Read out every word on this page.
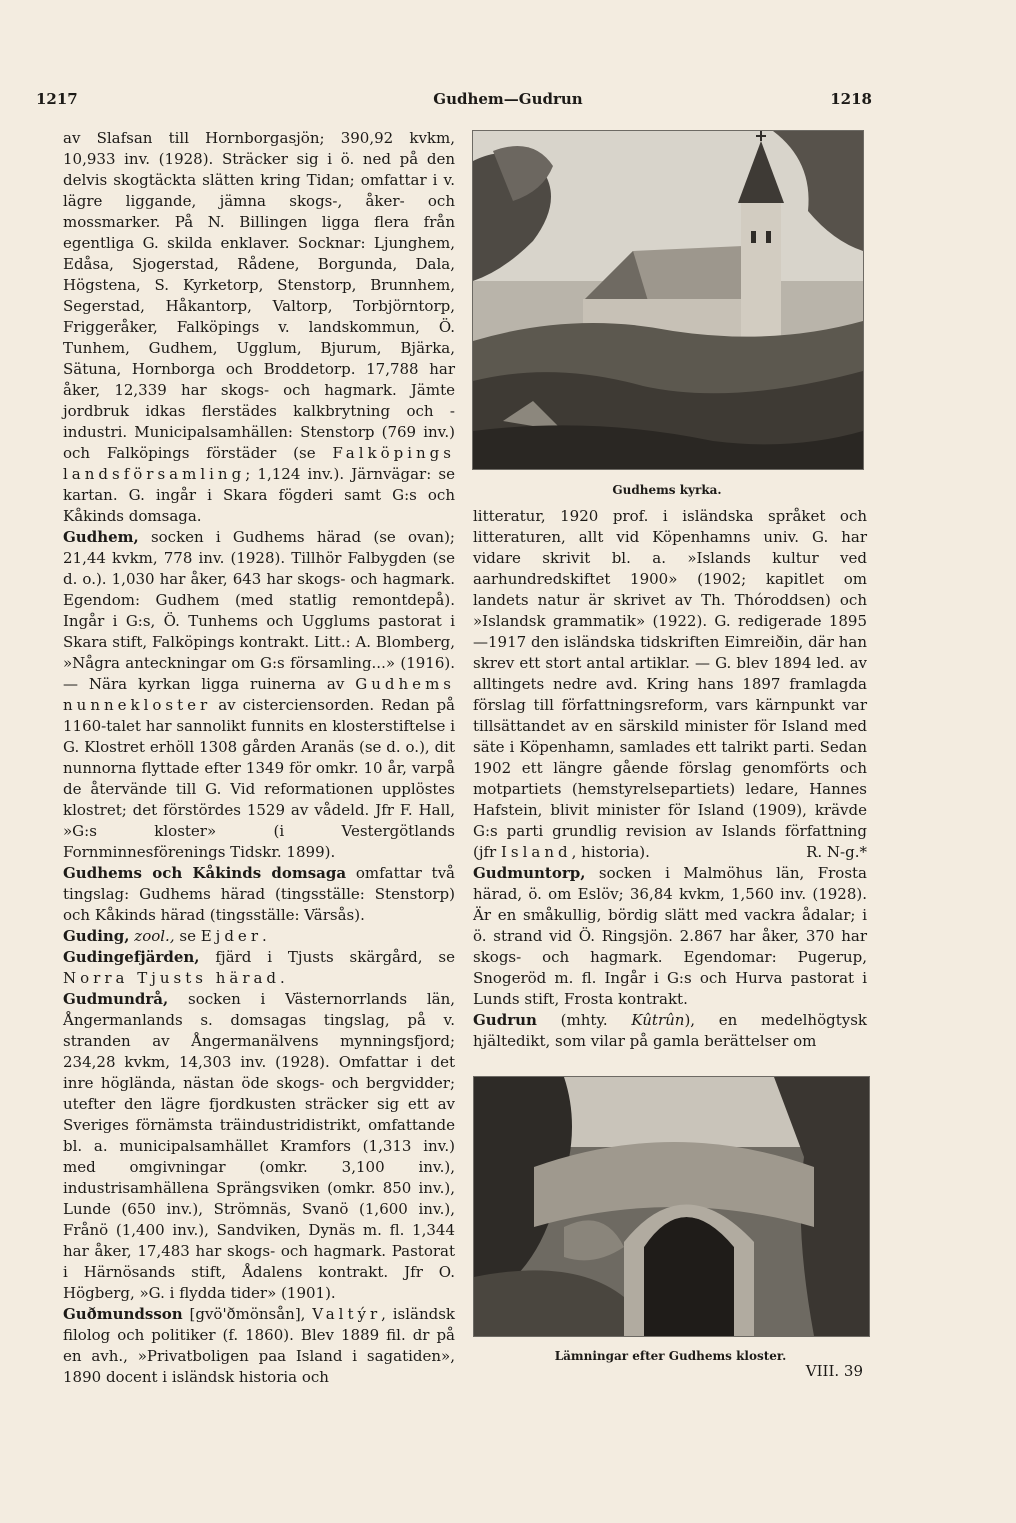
1217	Gudhem—Gudrun	1218

av Slafsan till Hornborgasjön; 390,92 kvkm, 10,933 inv. (1928). Sträcker sig i ö. ned på den delvis skogtäckta slätten kring Tidan; omfattar i v. lägre liggande, jämna skogs-, åker- och mossmarker. På N. Billingen ligga flera från egentliga G. skilda enklaver. Socknar: Ljunghem, Edåsa, Sjogerstad, Rådene, Borgunda, Dala, Högstena, S. Kyrketorp, Stenstorp, Brunnhem, Segerstad, Håkantorp, Valtorp, Torbjörntorp, Friggeråker, Falköpings v. landskommun, Ö. Tunhem, Gudhem, Ugglum, Bjurum, Bjärka, Sätuna, Hornborga och Broddetorp. 17,788 har åker, 12,339 har skogs- och hagmark. Jämte jordbruk idkas flerstädes kalkbrytning och -industri. Municipalsamhällen: Stenstorp (769 inv.) och Falköpings förstäder (se Falköpings landsförsamling; 1,124 inv.). Järnvägar: se kartan. G. ingår i Skara fögderi samt G:s och Kåkinds domsaga.

Gudhem, socken i Gudhems härad (se ovan); 21,44 kvkm, 778 inv. (1928). Tillhör Falbygden (se d. o.). 1,030 har åker, 643 har skogs- och hagmark. Egendom: Gudhem (med statlig remontdepå). Ingår i G:s, Ö. Tunhems och Ugglums pastorat i Skara stift, Falköpings kontrakt. Litt.: A. Blomberg, »Några anteckningar om G:s församling...» (1916). — Nära kyrkan ligga ruinerna av Gudhems nunnekloster av cisterciensorden. Redan på 1160-talet har sannolikt funnits en klosterstiftelse i G. Klostret erhöll 1308 gården Aranäs (se d. o.), dit nunnorna flyttade efter 1349 för omkr. 10 år, varpå de återvände till G. Vid reformationen upplöstes klostret; det förstördes 1529 av vådeld. Jfr F. Hall, »G:s kloster» (i Vestergötlands Fornminnesförenings Tidskr. 1899).

Gudhems och Kåkinds domsaga omfattar två tingslag: Gudhems härad (tingsställe: Stenstorp) och Kåkinds härad (tingsställe: Värsås).

Guding, zool., se Ejder.

Gudingefjärden, fjärd i Tjusts skärgård, se Norra Tjusts härad.

Gudmundrå, socken i Västernorrlands län, Ångermanlands s. domsagas tingslag, på v. stranden av Ångermanälvens mynningsfjord; 234,28 kvkm, 14,303 inv. (1928). Omfattar i det inre höglända, nästan öde skogs- och bergvidder; utefter den lägre fjordkusten sträcker sig ett av Sveriges förnämsta träindustridistrikt, omfattande bl. a. municipalsamhället Kramfors (1,313 inv.) med omgivningar (omkr. 3,100 inv.), industrisamhällena Sprängsviken (omkr. 850 inv.), Lunde (650 inv.), Strömnäs, Svanö (1,600 inv.), Frånö (1,400 inv.), Sandviken, Dynäs m. fl. 1,344 har åker, 17,483 har skogs- och hagmark. Pastorat i Härnösands stift, Ådalens kontrakt. Jfr O. Högberg, »G. i flydda tider» (1901).

Guðmundsson [gvö'ðmönsån], Valtýr, isländsk filolog och politiker (f. 1860). Blev 1889 fil. dr på en avh., »Privatboligen paa Island i sagatiden», 1890 docent i isländsk historia och

Gudhems kyrka.

litteratur, 1920 prof. i isländska språket och litteraturen, allt vid Köpenhamns univ. G. har vidare skrivit bl. a. »Islands kultur ved aarhundredskiftet 1900» (1902; kapitlet om landets natur är skrivet av Th. Thóroddsen) och »Islandsk grammatik» (1922). G. redigerade 1895—1917 den isländska tidskriften Eimreiðin, där han skrev ett stort antal artiklar. — G. blev 1894 led. av alltingets nedre avd. Kring hans 1897 framlagda förslag till författningsreform, vars kärnpunkt var tillsättandet av en särskild minister för Island med säte i Köpenhamn, samlades ett talrikt parti. Sedan 1902 ett längre gående förslag genomförts och motpartiets (hemstyrelsepartiets) ledare, Hannes Hafstein, blivit minister för Island (1909), krävde G:s parti grundlig revision av Islands författning (jfr Island, historia).	R. N-g.*

Gudmuntorp, socken i Malmöhus län, Frosta härad, ö. om Eslöv; 36,84 kvkm, 1,560 inv. (1928). Är en småkullig, bördig slätt med vackra ådalar; i ö. strand vid Ö. Ringsjön. 2.867 har åker, 370 har skogs- och hagmark. Egendomar: Pugerup, Snogeröd m. fl. Ingår i G:s och Hurva pastorat i Lunds stift, Frosta kontrakt.

Gudrun (mhty. Kûtrûn), en medelhögtysk hjältedikt, som vilar på gamla berättelser om

Lämningar efter Gudhems kloster.
VIII. 39
